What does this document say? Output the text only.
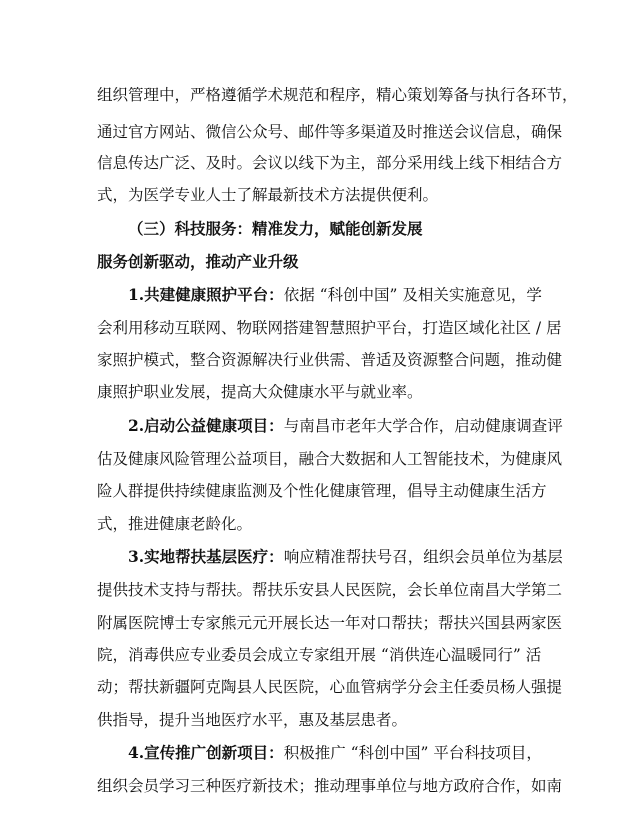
组织管理中，严格遵循学术规范和程序，精心策划筹备与执行各环节，
通过官方网站、微信公众号、邮件等多渠道及时推送会议信息，确保
信息传达广泛、及时。会议以线下为主，部分采用线上线下相结合方
式，为医学专业人士了解最新技术方法提供便利。
（三）科技服务：精准发力，赋能创新发展
服务创新驱动，推动产业升级
1.共建健康照护平台：依据 “科创中国” 及相关实施意见，学
会利用移动互联网、物联网搭建智慧照护平台，打造区域化社区 / 居
家照护模式，整合资源解决行业供需、普适及资源整合问题，推动健
康照护职业发展，提高大众健康水平与就业率。
2.启动公益健康项目：与南昌市老年大学合作，启动健康调查评
估及健康风险管理公益项目，融合大数据和人工智能技术，为健康风
险人群提供持续健康监测及个性化健康管理，倡导主动健康生活方
式，推进健康老龄化。
3.实地帮扶基层医疗：响应精准帮扶号召，组织会员单位为基层
提供技术支持与帮扶。帮扶乐安县人民医院，会长单位南昌大学第二
附属医院博士专家熊元元开展长达一年对口帮扶；帮扶兴国县两家医
院，消毒供应专业委员会成立专家组开展 “消供连心温暖同行” 活
动；帮扶新疆阿克陶县人民医院，心血管病学分会主任委员杨人强提
供指导，提升当地医疗水平，惠及基层患者。
4.宣传推广创新项目：积极推广 “科创中国” 平台科技项目，
组织会员学习三种医疗新技术；推动理事单位与地方政府合作，如南
